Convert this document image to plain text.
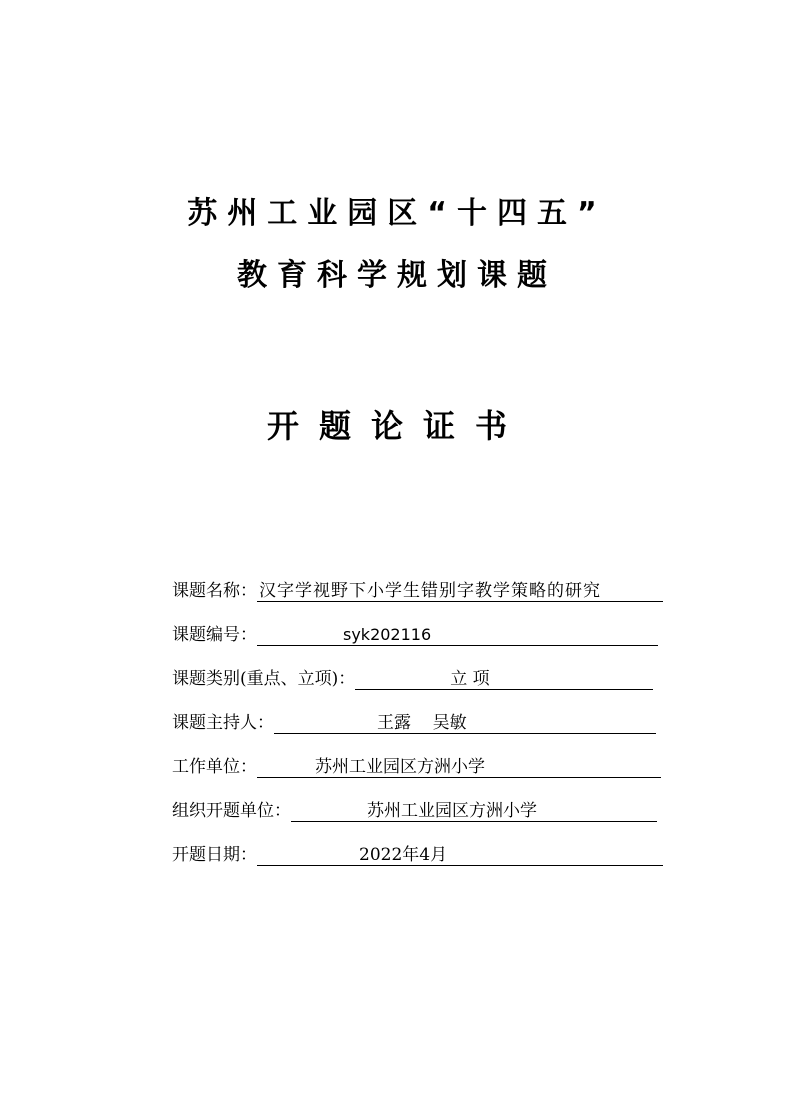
苏州工业园区“十四五”
教育科学规划课题
开题论证书
课题名称： 汉字学视野下小学生错别字教学策略的研究
课题编号：	syk202116
课题类别(重点、立项)：	立 项
课题主持人：	王露    吴敏
工作单位：	苏州工业园区方洲小学
组织开题单位：	苏州工业园区方洲小学
开题日期：	2022年4月
